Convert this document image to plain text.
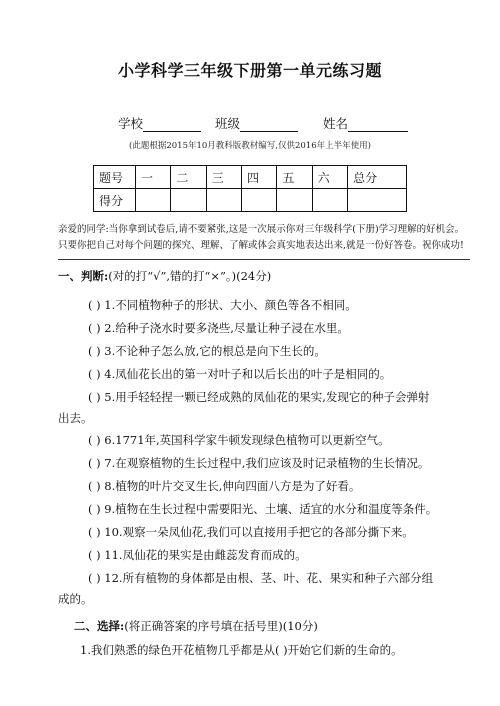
小学科学三年级下册第一单元练习题
学校	班级	姓名
(此题根据2015年10月教科版教材编写,仅供2016年上半年使用)
题号	一	二	三	四	五	六	总分
得分							
亲爱的同学:当你拿到试卷后,请不要紧张,这是一次展示你对三年级科学(下册)学习理解的好机会。
只要你把自己对每个问题的探究、理解、了解或体会真实地表达出来,就是一份好答卷。祝你成功!
一、判断:(对的打“√”,错的打“×”。)(24分)
( ) 1.不同植物种子的形状、大小、颜色等各不相同。
( ) 2.给种子浇水时要多浇些,尽量让种子浸在水里。
( ) 3.不论种子怎么放,它的根总是向下生长的。
( ) 4.凤仙花长出的第一对叶子和以后长出的叶子是相同的。
( ) 5.用手轻轻捏一颗已经成熟的凤仙花的果实,发现它的种子会弹射
出去。
( ) 6.1771年,英国科学家牛顿发现绿色植物可以更新空气。
( ) 7.在观察植物的生长过程中,我们应该及时记录植物的生长情况。
( ) 8.植物的叶片交叉生长,伸向四面八方是为了好看。
( ) 9.植物在生长过程中需要阳光、土壤、适宜的水分和温度等条件。
( ) 10.观察一朵凤仙花,我们可以直接用手把它的各部分撕下来。
( ) 11.凤仙花的果实是由雌蕊发育而成的。
( ) 12.所有植物的身体都是由根、茎、叶、花、果实和种子六部分组
成的。
二、选择:(将正确答案的序号填在括号里)(10分)
1.我们熟悉的绿色开花植物几乎都是从( )开始它们新的生命的。
